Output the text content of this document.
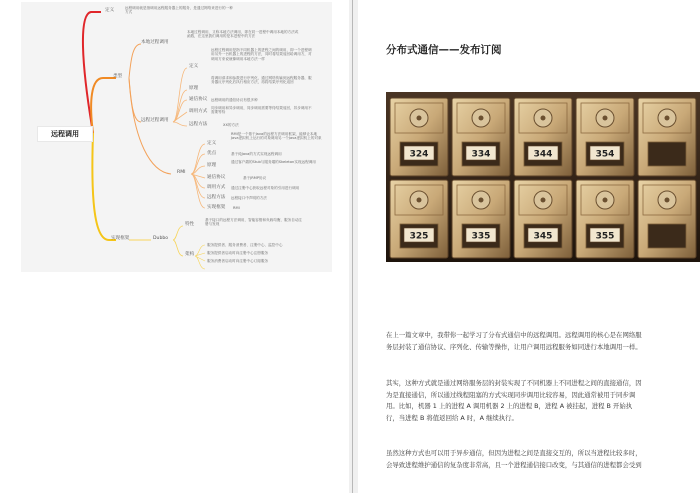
远程调用
定义	远程调用就是指调用远程服务器上的服务，是通过网络来进行的一种方式
类型
本地过程调用
本地过程调用，又称本地方法调用，即在同一进程中调用本地的方法或函数，在这里我们调用的是本进程中的方法
远程过程调用
定义
远程过程调用是指不同机器上的进程之间的调用，即一个进程调用另外一台机器上的进程的方法，同时将结果返回给调用方，对调用方来说就像调用本地方法一样
原理
将调用请求和参数进行序列化，通过网络传输到远程服务器，服务器反序列化后执行相应方法，再将结果序列化返回
通信协议 远程调用的通信协议有很多种
调用方式
同步调用和异步调用，同步调用需要等待结果返回，异步调用不需要等待
远程方法	XX的方法
RMI
定义
RMI是一个基于Java的远程方法调用框架，能够让本地Java虚拟机上运行的对象调用另一个Java虚拟机上的对象
优点	基于纯Java的方式实现远程调用
原理
通过客户端的Stub与服务端的Skeleton实现远程调用
通信协议	基于JRMP协议
调用方式 通过注册中心获取远程对象的引用进行调用
远程方法 远程接口中声明的方法
实现框架 RMI
实现框架	Dubbo
特性
基于接口的远程方法调用，智能容错和负载均衡，服务自动注册与发现
架构
服务提供者、服务消费者、注册中心、监控中心
服务提供者启动时向注册中心注册服务
服务消费者启动时向注册中心订阅服务
分布式通信——发布订阅
324	334	344	354
325	335	345	355
在上一篇文章中，我带你一起学习了分布式通信中的远程调用。远程调用的核心是在网络服
务层封装了通信协议、序列化、传输等操作，让用户调用远程服务如同进行本地调用一样。
其实，这种方式就是通过网络服务层的封装实现了不同机器上不同进程之间的直接通信，因
为是直接通信，所以通过线程阻塞的方式实现同步调用比较容易，因此通常被用于同步调
用。比如，机器 1 上的进程 A 调用机器 2 上的进程 B，进程 A 被挂起，进程 B 开始执
行，当进程 B 将值返回给 A 时，A 继续执行。
虽然这种方式也可以用于异步通信，但因为进程之间是直接交互的，所以当进程比较多时，
会导致进程维护通信的复杂度非常高，且一个进程通信接口改变，与其通信的进程都会受到
